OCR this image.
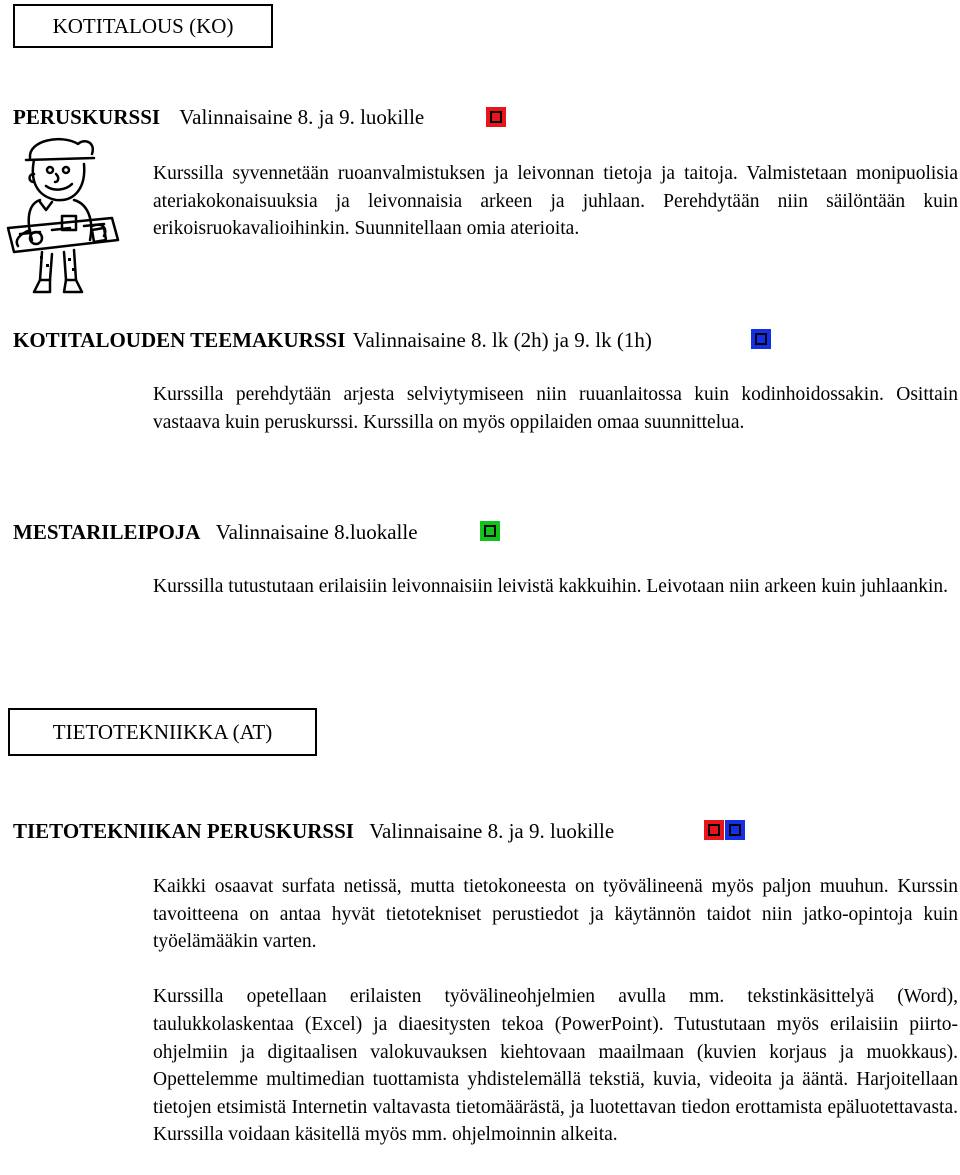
KOTITALOUS (KO)
PERUSKURSSI Valinnaisaine 8. ja 9. luokille

Kurssilla syvennetään ruoanvalmistuksen ja leivonnan tietoja ja taitoja. Valmistetaan monipuolisia ateriakokonaisuuksia ja leivonnaisia arkeen ja juhlaan. Perehdytään niin säilöntään kuin erikoisruokavalioihinkin. Suunnitellaan omia aterioita.

KOTITALOUDEN TEEMAKURSSI Valinnaisaine 8. lk (2h) ja 9. lk (1h)

Kurssilla perehdytään arjesta selviytymiseen niin ruuanlaitossa kuin kodinhoidossakin. Osittain vastaava kuin peruskurssi. Kurssilla on myös oppilaiden omaa suunnittelua.

MESTARILEIPOJA Valinnaisaine 8.luokalle

Kurssilla tutustutaan erilaisiin leivonnaisiin leivistä kakkuihin. Leivotaan niin arkeen kuin juhlaankin.

TIETOTEKNIIKKA (AT)
TIETOTEKNIIKAN PERUSKURSSI Valinnaisaine 8. ja 9. luokille

Kaikki osaavat surfata netissä, mutta tietokoneesta on työvälineenä myös paljon muuhun. Kurssin tavoitteena on antaa hyvät tietotekniset perustiedot ja käytännön taidot niin jatko-opintoja kuin työelämääkin varten.

Kurssilla opetellaan erilaisten työvälineohjelmien avulla mm. tekstinkäsittelyä (Word), taulukkolaskentaa (Excel) ja diaesitysten tekoa (PowerPoint). Tutustutaan myös erilaisiin piirto-ohjelmiin ja digitaalisen valokuvauksen kiehtovaan maailmaan (kuvien korjaus ja muokkaus). Opettelemme multimedian tuottamista yhdistelemällä tekstiä, kuvia, videoita ja ääntä. Harjoitellaan tietojen etsimistä Internetin valtavasta tietomäärästä, ja luotettavan tiedon erottamista epäluotettavasta. Kurssilla voidaan käsitellä myös mm. ohjelmoinnin alkeita.
